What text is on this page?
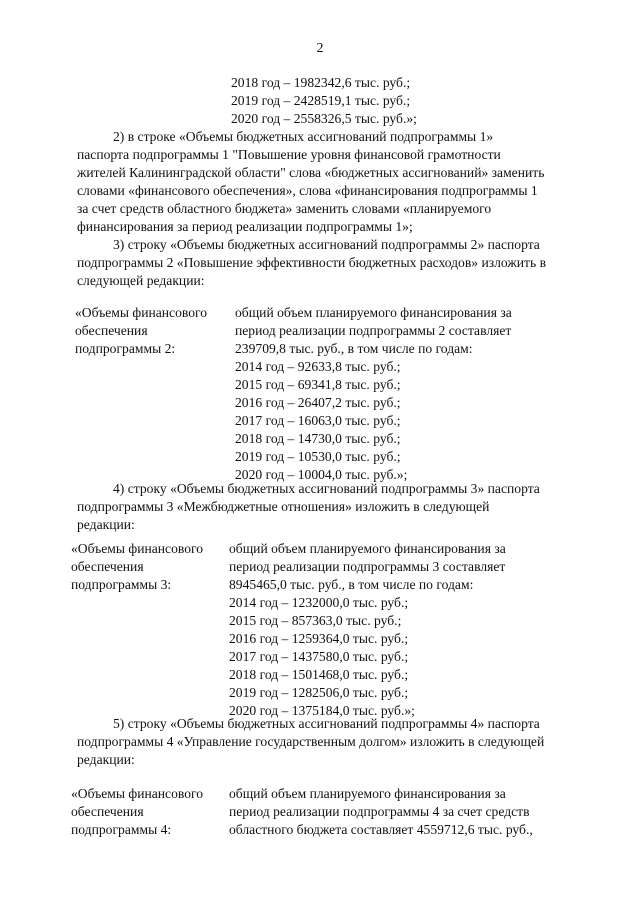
2
2018 год – 1982342,6 тыс. руб.;
2019 год – 2428519,1 тыс. руб.;
2020 год – 2558326,5 тыс. руб.»;
2) в строке «Объемы бюджетных ассигнований подпрограммы 1»
паспорта подпрограммы 1 "Повышение уровня финансовой грамотности
жителей Калининградской области" слова «бюджетных ассигнований» заменить
словами «финансового обеспечения», слова «финансирования подпрограммы 1
за счет средств областного бюджета» заменить словами «планируемого
финансирования за период реализации подпрограммы 1»;
3) строку «Объемы бюджетных ассигнований подпрограммы 2» паспорта
подпрограммы 2 «Повышение эффективности бюджетных расходов» изложить в
следующей редакции:
«Объемы финансового
обеспечения
подпрограммы 2:
общий объем планируемого финансирования за
период реализации подпрограммы 2 составляет
239709,8 тыс. руб., в том числе по годам:
2014 год – 92633,8 тыс. руб.;
2015 год – 69341,8 тыс. руб.;
2016 год – 26407,2 тыс. руб.;
2017 год – 16063,0 тыс. руб.;
2018 год – 14730,0 тыс. руб.;
2019 год – 10530,0 тыс. руб.;
2020 год – 10004,0 тыс. руб.»;
4) строку «Объемы бюджетных ассигнований подпрограммы 3» паспорта
подпрограммы 3 «Межбюджетные отношения» изложить в следующей
редакции:
«Объемы финансового
обеспечения
подпрограммы 3:
общий объем планируемого финансирования за
период реализации подпрограммы 3 составляет
8945465,0 тыс. руб., в том числе по годам:
2014 год – 1232000,0 тыс. руб.;
2015 год – 857363,0 тыс. руб.;
2016 год – 1259364,0 тыс. руб.;
2017 год – 1437580,0 тыс. руб.;
2018 год – 1501468,0 тыс. руб.;
2019 год – 1282506,0 тыс. руб.;
2020 год – 1375184,0 тыс. руб.»;
5) строку «Объемы бюджетных ассигнований подпрограммы 4» паспорта
подпрограммы 4 «Управление государственным долгом» изложить в следующей
редакции:
«Объемы финансового
обеспечения
подпрограммы 4:
общий объем планируемого финансирования за
период реализации подпрограммы 4 за счет средств
областного бюджета составляет 4559712,6 тыс. руб.,
